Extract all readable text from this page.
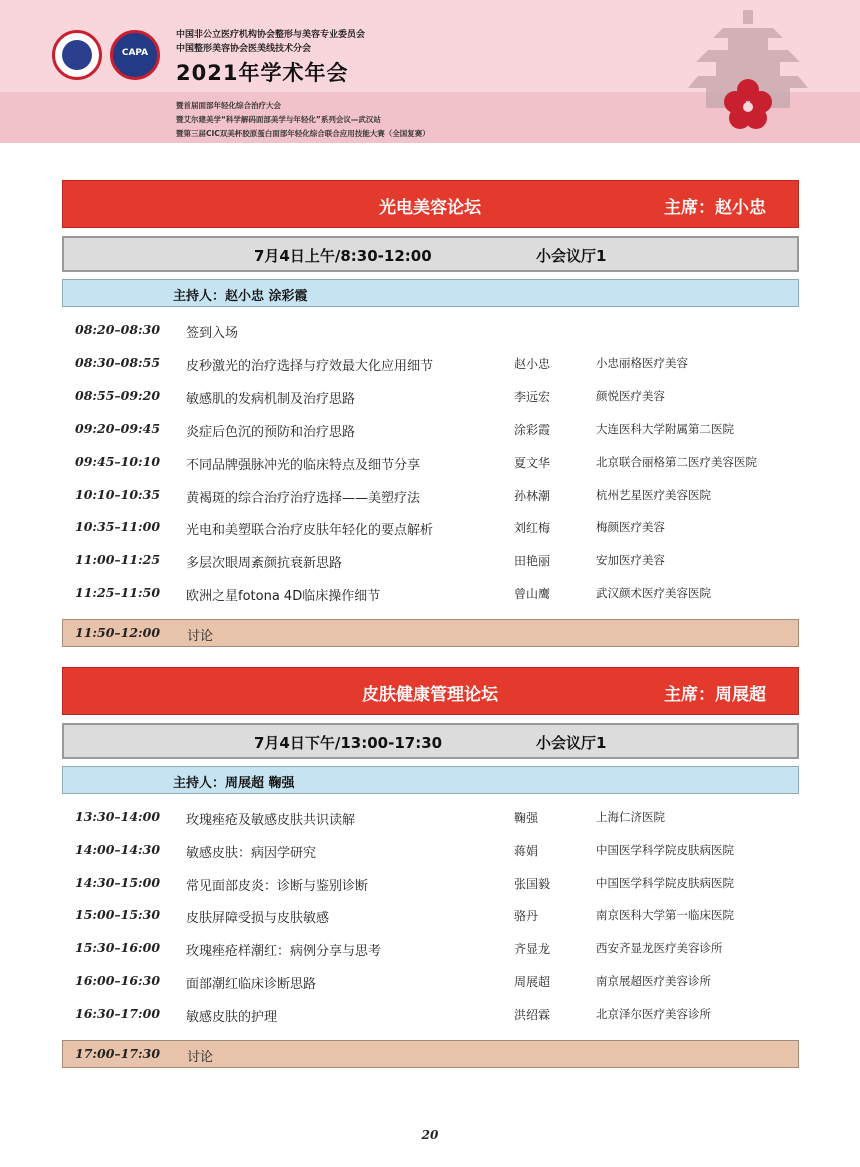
CAPA
中国非公立医疗机构协会整形与美容专业委员会
中国整形美容协会医美线技术分会
2021年学术年会
暨首届面部年轻化综合治疗大会
暨艾尔建美学“科学解码面部美学与年轻化”系列会议—武汉站
暨第三届CIC双美杯胶原蛋白面部年轻化综合联合应用技能大赛（全国复赛）
光电美容论坛	主席：赵小忠
7月4日上午/8:30-12:00	小会议厅1
主持人：赵小忠 涂彩霞
08:20–08:30 签到入场
08:30–08:55 皮秒激光的治疗选择与疗效最大化应用细节	赵小忠	小忠丽格医疗美容
08:55–09:20 敏感肌的发病机制及治疗思路	李远宏	颜悦医疗美容
09:20–09:45 炎症后色沉的预防和治疗思路	涂彩霞	大连医科大学附属第二医院
09:45–10:10 不同品牌强脉冲光的临床特点及细节分享	夏文华	北京联合丽格第二医疗美容医院
10:10–10:35 黄褐斑的综合治疗治疗选择——美塑疗法	孙林潮	杭州艺星医疗美容医院
10:35–11:00 光电和美塑联合治疗皮肤年轻化的要点解析	刘红梅	梅颜医疗美容
11:00–11:25 多层次眼周紊颜抗衰新思路	田艳丽	安加医疗美容
11:25–11:50 欧洲之星fotona 4D临床操作细节	曾山鹰	武汉颜术医疗美容医院
11:50–12:00 讨论
皮肤健康管理论坛	主席：周展超
7月4日下午/13:00-17:30	小会议厅1
主持人：周展超 鞠强
13:30–14:00 玫瑰痤疮及敏感皮肤共识读解	鞠强	上海仁济医院
14:00–14:30 敏感皮肤：病因学研究	蒋娟	中国医学科学院皮肤病医院
14:30–15:00 常见面部皮炎：诊断与鉴别诊断	张国毅	中国医学科学院皮肤病医院
15:00–15:30 皮肤屏障受损与皮肤敏感	骆丹	南京医科大学第一临床医院
15:30–16:00 玫瑰痤疮样潮红：病例分享与思考	齐显龙	西安齐显龙医疗美容诊所
16:00–16:30 面部潮红临床诊断思路	周展超	南京展超医疗美容诊所
16:30–17:00 敏感皮肤的护理	洪绍霖	北京泽尔医疗美容诊所
17:00–17:30 讨论
20
